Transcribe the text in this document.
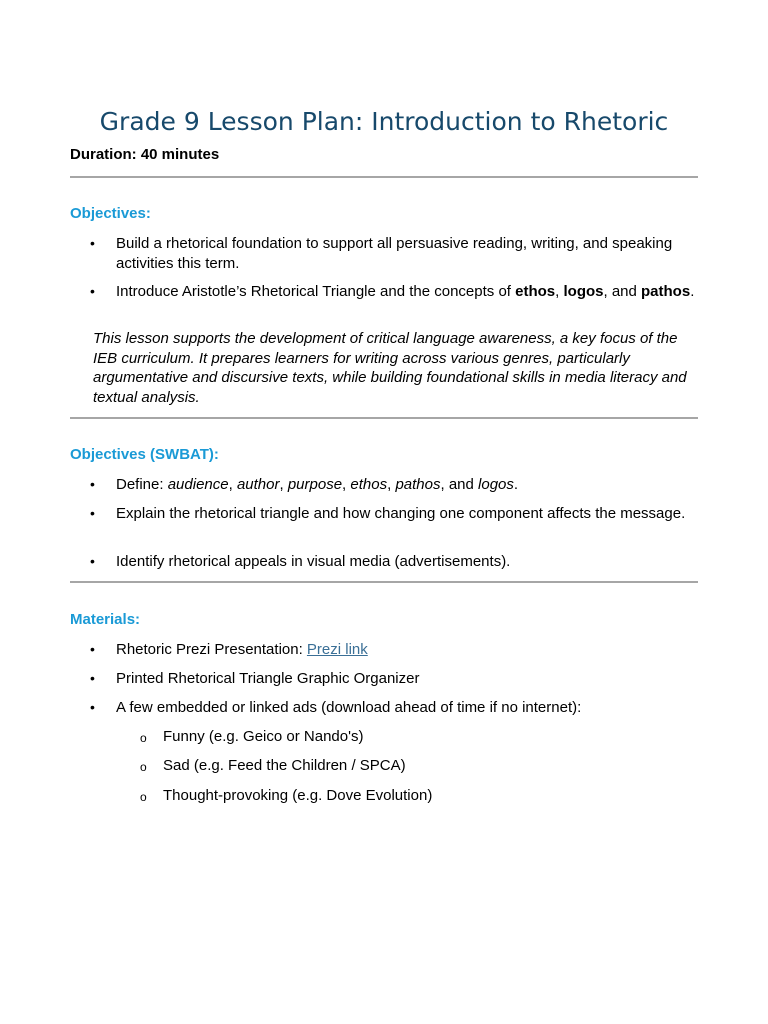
Grade 9 Lesson Plan: Introduction to Rhetoric

Duration: 40 minutes

Objectives:
• Build a rhetorical foundation to support all persuasive reading, writing, and speaking activities this term.
• Introduce Aristotle’s Rhetorical Triangle and the concepts of ethos, logos, and pathos.

This lesson supports the development of critical language awareness, a key focus of the IEB curriculum. It prepares learners for writing across various genres, particularly argumentative and discursive texts, while building foundational skills in media literacy and textual analysis.

Objectives (SWBAT):
• Define: audience, author, purpose, ethos, pathos, and logos.
• Explain the rhetorical triangle and how changing one component affects the message.
• Identify rhetorical appeals in visual media (advertisements).
Materials:
• Rhetoric Prezi Presentation: Prezi link
• Printed Rhetorical Triangle Graphic Organizer
• A few embedded or linked ads (download ahead of time if no internet):
o Funny (e.g. Geico or Nando's)
o Sad (e.g. Feed the Children / SPCA)
o Thought-provoking (e.g. Dove Evolution)
